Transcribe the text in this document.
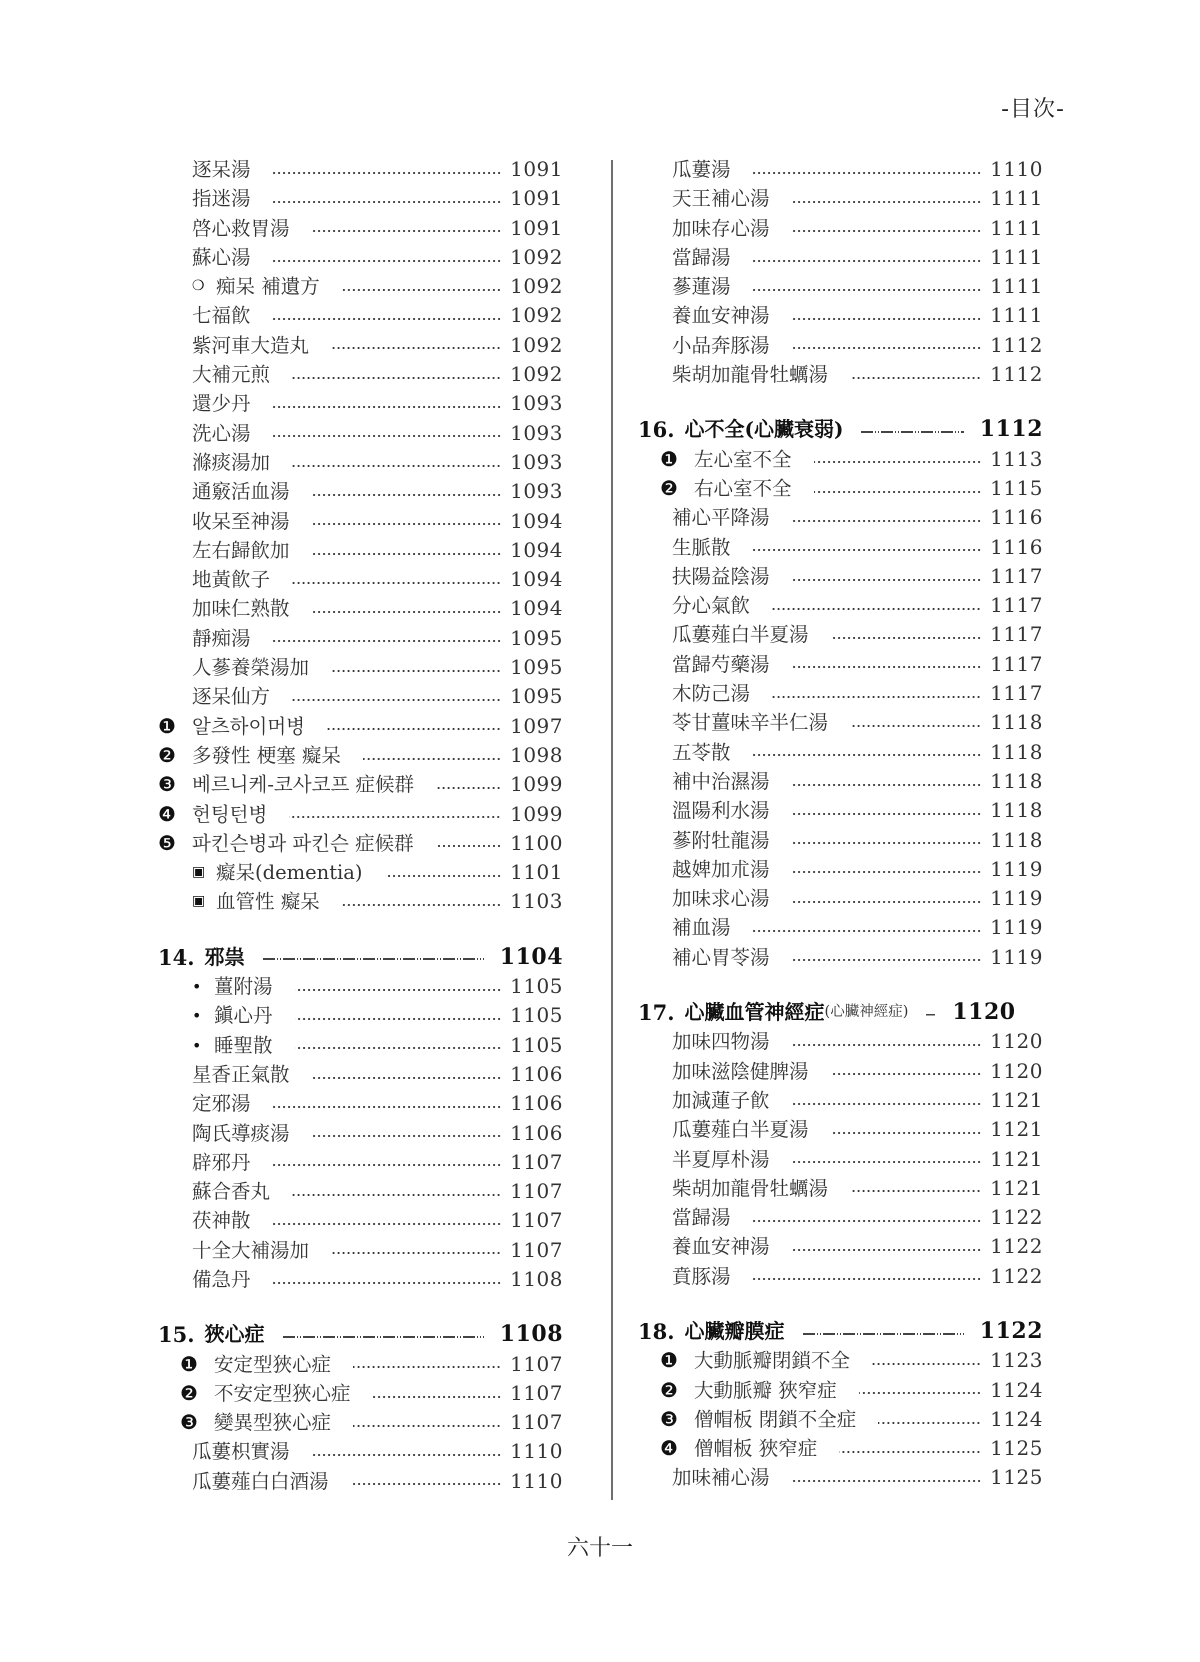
-目次-
逐呆湯	1091
指迷湯	1091
啓心救胃湯	1091
蘇心湯	1092
❍ 痴呆 補遺方	1092
七福飮	1092
紫河車大造丸	1092
大補元煎	1092
還少丹	1093
洗心湯	1093
滌痰湯加	1093
通竅活血湯	1093
收呆至神湯	1094
左右歸飮加	1094
地黃飮子	1094
加味仁熟散	1094
靜痴湯	1095
人蔘養榮湯加	1095
逐呆仙方	1095
❶ 알츠하이머병	1097
❷ 多發性 梗塞 癡呆	1098
❸ 베르니케-코사코프 症候群	1099
❹ 헌팅턴병	1099
❺ 파킨슨병과 파킨슨 症候群	1100
▣ 癡呆(dementia)	1101
▣ 血管性 癡呆	1103
14. 邪祟	1104
• 薑附湯	1105
• 鎭心丹	1105
• 睡聖散	1105
星香正氣散	1106
定邪湯	1106
陶氏導痰湯	1106
辟邪丹	1107
蘇合香丸	1107
茯神散	1107
十全大補湯加	1107
備急丹	1108
15. 狹心症	1108
❶ 安定型狹心症	1107
❷ 不安定型狹心症	1107
❸ 變異型狹心症	1107
瓜蔞枳實湯	1110
瓜蔞薤白白酒湯	1110
瓜蔞湯	1110
天王補心湯	1111
加味存心湯	1111
當歸湯	1111
蔘蓮湯	1111
養血安神湯	1111
小品奔豚湯	1112
柴胡加龍骨牡蠣湯	1112
16. 心不全(心臟衰弱)	1112
❶ 左心室不全	1113
❷ 右心室不全	1115
補心平降湯	1116
生脈散	1116
扶陽益陰湯	1117
分心氣飮	1117
瓜蔞薤白半夏湯	1117
當歸芍藥湯	1117
木防己湯	1117
苓甘薑味辛半仁湯	1118
五苓散	1118
補中治濕湯	1118
溫陽利水湯	1118
蔘附牡龍湯	1118
越婢加朮湯	1119
加味求心湯	1119
補血湯	1119
補心胃苓湯	1119
17. 心臟血管神經症 (心臟神經症) 1120
加味四物湯	1120
加味滋陰健脾湯	1120
加減蓮子飮	1121
瓜蔞薤白半夏湯	1121
半夏厚朴湯	1121
柴胡加龍骨牡蠣湯	1121
當歸湯	1122
養血安神湯	1122
賁豚湯	1122
18. 心臟瓣膜症	1122
❶ 大動脈瓣閉鎖不全	1123
❷ 大動脈瓣 狹窄症	1124
❸ 僧帽板 閉鎖不全症	1124
❹ 僧帽板 狹窄症	1125
加味補心湯	1125
六十一
